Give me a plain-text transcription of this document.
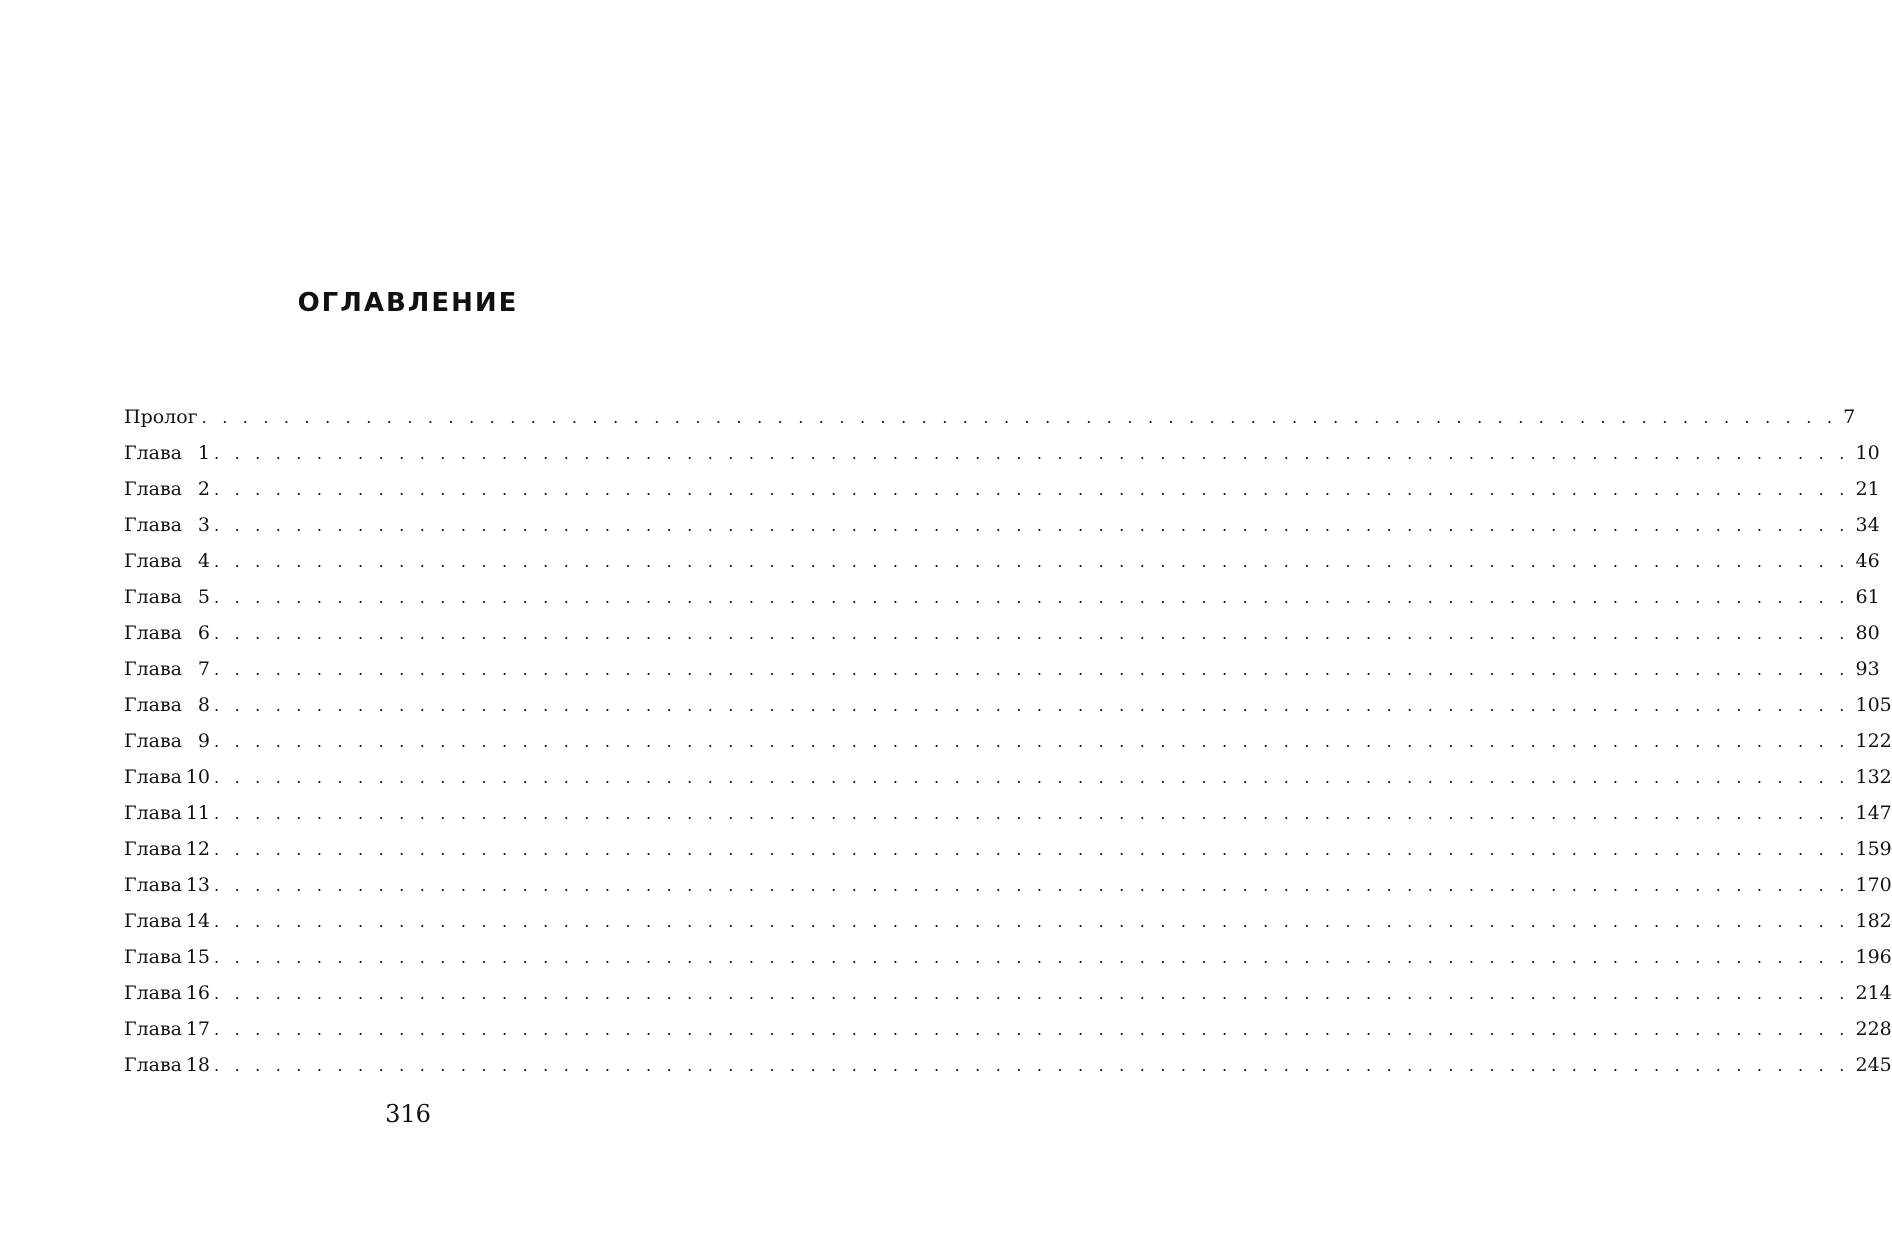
ОГЛАВЛЕНИЕ
Пролог . . . . . . . . . . . . . . . . . . . . . . . . . . . . . . . . . . . . . . . . . . . . . . . . . . . . . . . . . . . . . . . . . . . . . . . . . . . . . . . . 7
Глава 1 . . . . . . . . . . . . . . . . . . . . . . . . . . . . . . . . . . . . . . . . . . . . . . . . . . . . . . . . . . . . . . . . . . . . . . . . . . . . . . . . 10
Глава 2 . . . . . . . . . . . . . . . . . . . . . . . . . . . . . . . . . . . . . . . . . . . . . . . . . . . . . . . . . . . . . . . . . . . . . . . . . . . . . . . . 21
Глава 3 . . . . . . . . . . . . . . . . . . . . . . . . . . . . . . . . . . . . . . . . . . . . . . . . . . . . . . . . . . . . . . . . . . . . . . . . . . . . . . . . 34
Глава 4 . . . . . . . . . . . . . . . . . . . . . . . . . . . . . . . . . . . . . . . . . . . . . . . . . . . . . . . . . . . . . . . . . . . . . . . . . . . . . . . . 46
Глава 5 . . . . . . . . . . . . . . . . . . . . . . . . . . . . . . . . . . . . . . . . . . . . . . . . . . . . . . . . . . . . . . . . . . . . . . . . . . . . . . . . 61
Глава 6 . . . . . . . . . . . . . . . . . . . . . . . . . . . . . . . . . . . . . . . . . . . . . . . . . . . . . . . . . . . . . . . . . . . . . . . . . . . . . . . . 80
Глава 7 . . . . . . . . . . . . . . . . . . . . . . . . . . . . . . . . . . . . . . . . . . . . . . . . . . . . . . . . . . . . . . . . . . . . . . . . . . . . . . . . 93
Глава 8 . . . . . . . . . . . . . . . . . . . . . . . . . . . . . . . . . . . . . . . . . . . . . . . . . . . . . . . . . . . . . . . . . . . . . . . . . . . . . . . . 105
Глава 9 . . . . . . . . . . . . . . . . . . . . . . . . . . . . . . . . . . . . . . . . . . . . . . . . . . . . . . . . . . . . . . . . . . . . . . . . . . . . . . . . 122
Глава 10 . . . . . . . . . . . . . . . . . . . . . . . . . . . . . . . . . . . . . . . . . . . . . . . . . . . . . . . . . . . . . . . . . . . . . . . . . . . . . . . . 132
Глава 11 . . . . . . . . . . . . . . . . . . . . . . . . . . . . . . . . . . . . . . . . . . . . . . . . . . . . . . . . . . . . . . . . . . . . . . . . . . . . . . . . 147
Глава 12 . . . . . . . . . . . . . . . . . . . . . . . . . . . . . . . . . . . . . . . . . . . . . . . . . . . . . . . . . . . . . . . . . . . . . . . . . . . . . . . . 159
Глава 13 . . . . . . . . . . . . . . . . . . . . . . . . . . . . . . . . . . . . . . . . . . . . . . . . . . . . . . . . . . . . . . . . . . . . . . . . . . . . . . . . 170
Глава 14 . . . . . . . . . . . . . . . . . . . . . . . . . . . . . . . . . . . . . . . . . . . . . . . . . . . . . . . . . . . . . . . . . . . . . . . . . . . . . . . . 182
Глава 15 . . . . . . . . . . . . . . . . . . . . . . . . . . . . . . . . . . . . . . . . . . . . . . . . . . . . . . . . . . . . . . . . . . . . . . . . . . . . . . . . 196
Глава 16 . . . . . . . . . . . . . . . . . . . . . . . . . . . . . . . . . . . . . . . . . . . . . . . . . . . . . . . . . . . . . . . . . . . . . . . . . . . . . . . . 214
Глава 17 . . . . . . . . . . . . . . . . . . . . . . . . . . . . . . . . . . . . . . . . . . . . . . . . . . . . . . . . . . . . . . . . . . . . . . . . . . . . . . . . 228
Глава 18 . . . . . . . . . . . . . . . . . . . . . . . . . . . . . . . . . . . . . . . . . . . . . . . . . . . . . . . . . . . . . . . . . . . . . . . . . . . . . . . . 245
316
